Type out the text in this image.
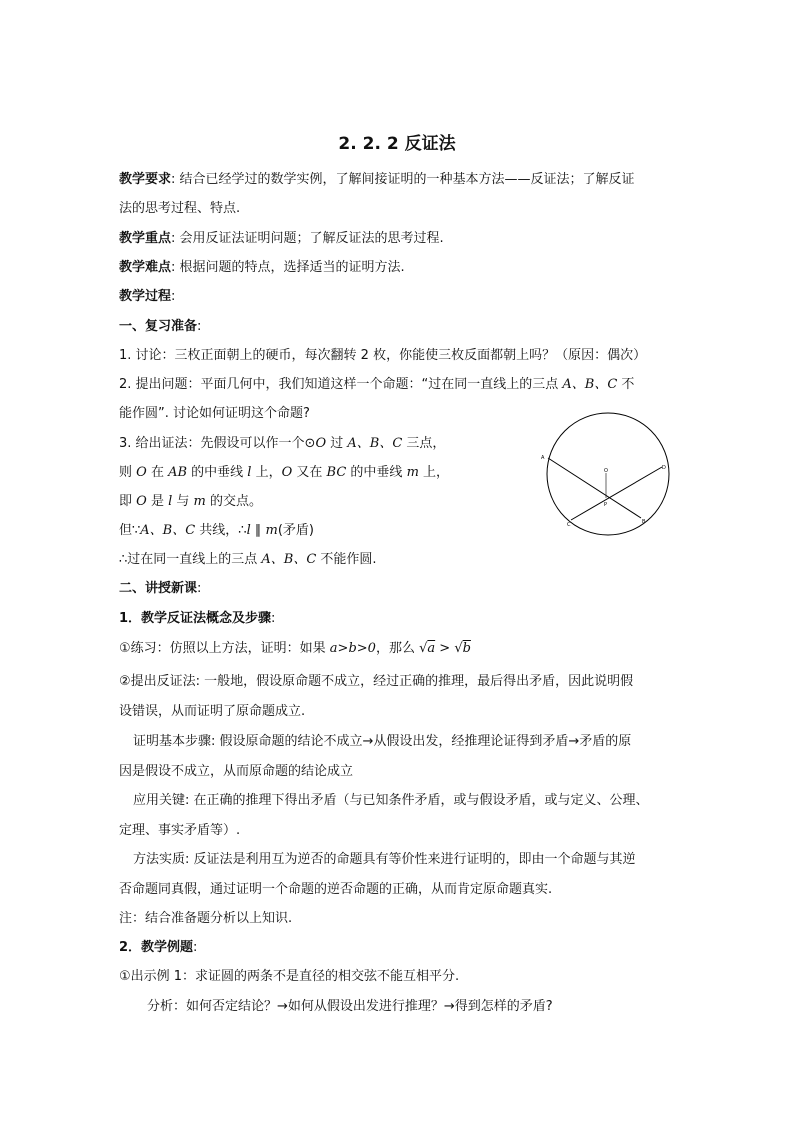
2. 2. 2 反证法
教学要求: 结合已经学过的数学实例，了解间接证明的一种基本方法——反证法；了解反证
法的思考过程、特点.
教学重点: 会用反证法证明问题；了解反证法的思考过程.
教学难点: 根据问题的特点，选择适当的证明方法.
教学过程:
一、复习准备:
1. 讨论：三枚正面朝上的硬币，每次翻转 2 枚，你能使三枚反面都朝上吗？（原因：偶次）
2. 提出问题：平面几何中，我们知道这样一个命题：“过在同一直线上的三点 A、B、C 不
能作圆”. 讨论如何证明这个命题?
3. 给出证法：先假设可以作一个⊙O 过 A、B、C 三点，
则 O 在 AB 的中垂线 l 上，O 又在 BC 的中垂线 m 上，
即 O 是 l 与 m 的交点。
但∵A、B、C 共线，∴l ∥ m(矛盾)
∴过在同一直线上的三点 A、B、C 不能作圆.
A
B
C
D
O
P
二、讲授新课:
1．教学反证法概念及步骤:
①练习：仿照以上方法，证明：如果 a>b>0，那么 √a > √b
②提出反证法: 一般地，假设原命题不成立，经过正确的推理，最后得出矛盾，因此说明假
设错误，从而证明了原命题成立.
证明基本步骤: 假设原命题的结论不成立→从假设出发，经推理论证得到矛盾→矛盾的原
因是假设不成立，从而原命题的结论成立
应用关键: 在正确的推理下得出矛盾（与已知条件矛盾，或与假设矛盾，或与定义、公理、
定理、事实矛盾等）.
方法实质: 反证法是利用互为逆否的命题具有等价性来进行证明的，即由一个命题与其逆
否命题同真假，通过证明一个命题的逆否命题的正确，从而肯定原命题真实.
注：结合准备题分析以上知识.
2．教学例题:
①出示例 1：求证圆的两条不是直径的相交弦不能互相平分.
分析：如何否定结论？→如何从假设出发进行推理？→得到怎样的矛盾?
